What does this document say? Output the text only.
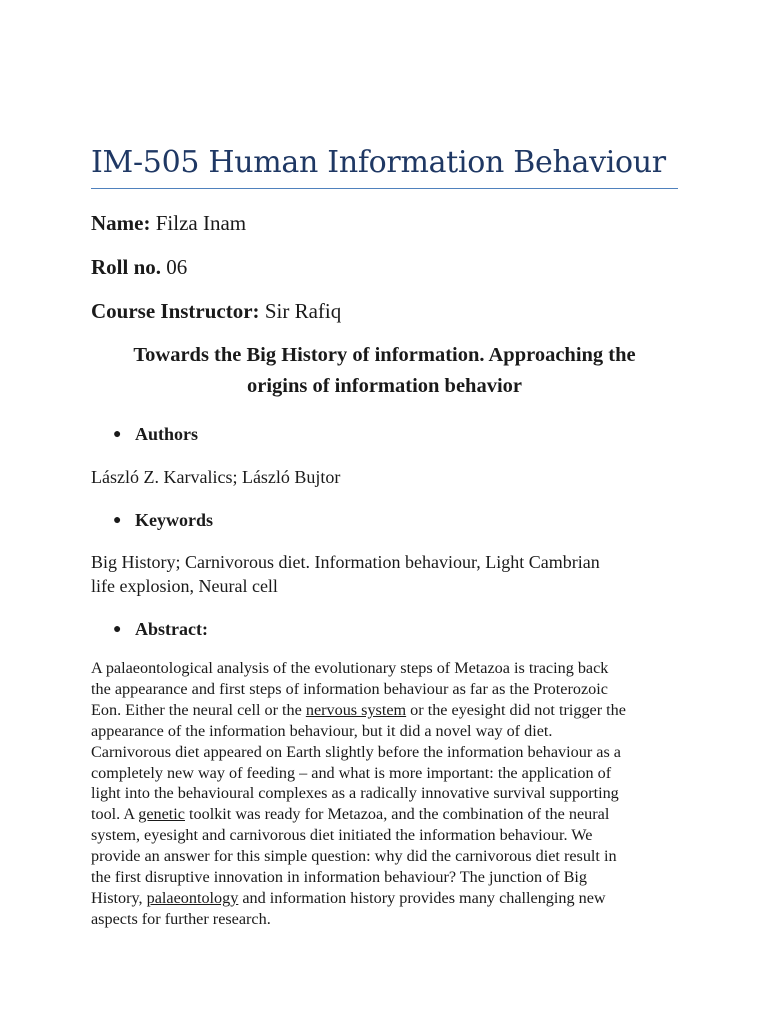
IM-505 Human Information Behaviour
Name: Filza Inam
Roll no. 06
Course Instructor: Sir Rafiq
Towards the Big History of information. Approaching the
origins of information behavior
● Authors
László Z. Karvalics; László Bujtor
● Keywords
Big History; Carnivorous diet. Information behaviour, Light Cambrian
life explosion, Neural cell
● Abstract:
A palaeontological analysis of the evolutionary steps of Metazoa is tracing back
the appearance and first steps of information behaviour as far as the Proterozoic
Eon. Either the neural cell or the nervous system or the eyesight did not trigger the
appearance of the information behaviour, but it did a novel way of diet.
Carnivorous diet appeared on Earth slightly before the information behaviour as a
completely new way of feeding – and what is more important: the application of
light into the behavioural complexes as a radically innovative survival supporting
tool. A genetic toolkit was ready for Metazoa, and the combination of the neural
system, eyesight and carnivorous diet initiated the information behaviour. We
provide an answer for this simple question: why did the carnivorous diet result in
the first disruptive innovation in information behaviour? The junction of Big
History, palaeontology and information history provides many challenging new
aspects for further research.
